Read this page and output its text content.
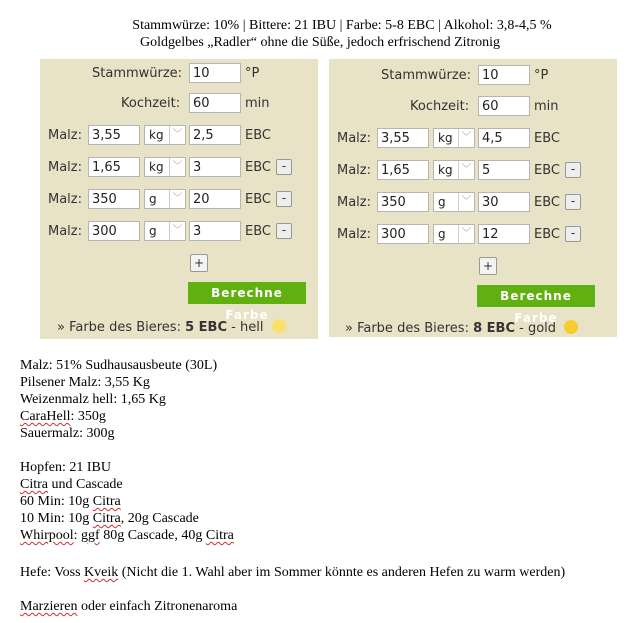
Stammwürze: 10% | Bittere: 21 IBU | Farbe: 5-8 EBC | Alkohol: 3,8-4,5 %
Goldgelbes „Radler“ ohne die Süße, jedoch erfrischend Zitronig
Stammwürze:
10	°P
Kochzeit:
60	min
Malz:
3,55	kg ﹀
2,5	EBC
Malz:
1,65	kg ﹀
3	EBC -
Malz:
350	g	﹀
20	EBC -
Malz:
300	g	﹀
3	EBC -
+
Berechne Farbe
» Farbe des Bieres: 5 EBC - hell
Stammwürze:
10	°P
Kochzeit:
60	min
Malz:
3,55	kg ﹀
4,5	EBC
Malz:
1,65	kg ﹀
5	EBC -
Malz:
350	g	﹀
30	EBC -
Malz:
300	g	﹀
12	EBC -
+
Berechne Farbe
» Farbe des Bieres: 8 EBC - gold
Malz: 51% Sudhausausbeute (30L)
Pilsener Malz: 3,55 Kg
Weizenmalz hell: 1,65 Kg
CaraHell: 350g
Sauermalz: 300g
Hopfen: 21 IBU
Citra und Cascade
60 Min: 10g Citra
10 Min: 10g Citra, 20g Cascade
Whirpool: ggf 80g Cascade, 40g Citra
Hefe: Voss Kveik (Nicht die 1. Wahl aber im Sommer könnte es anderen Hefen zu warm werden)
Marzieren oder einfach Zitronenaroma
